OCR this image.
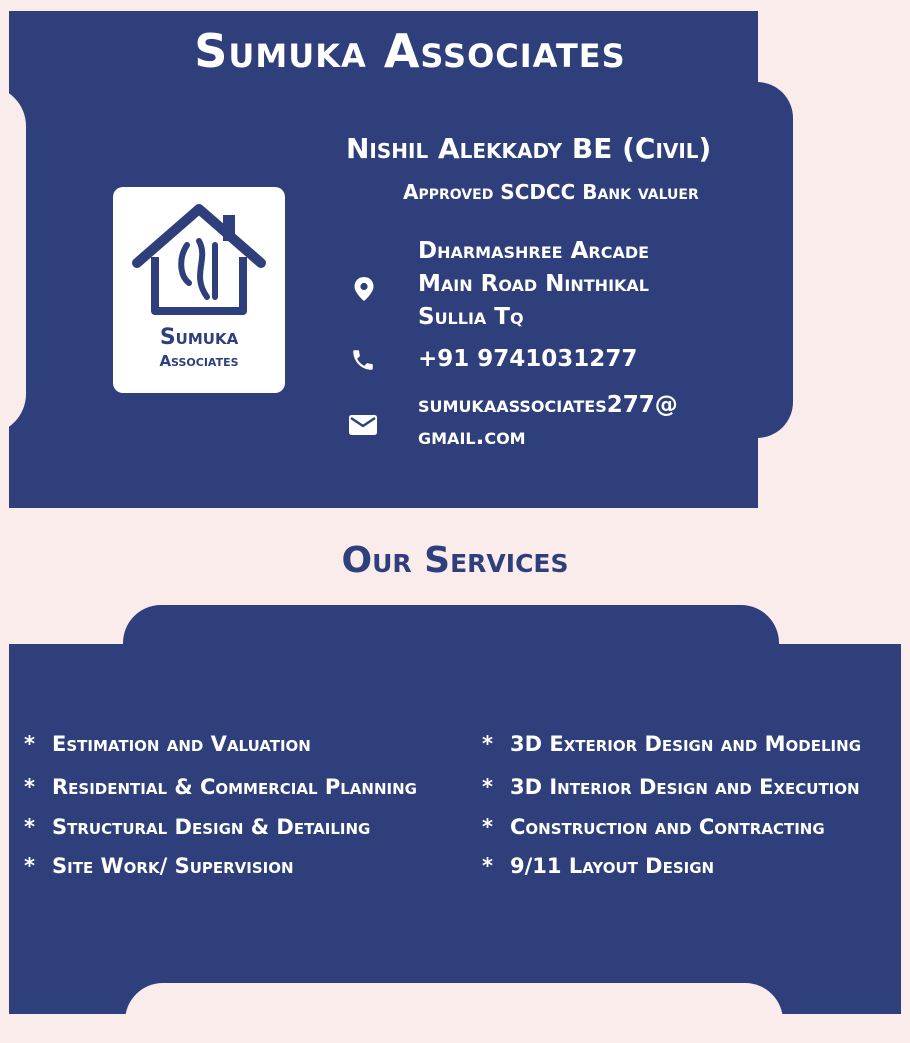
Sumuka Associates
Sumuka
Associates
Nishil Alekkady BE (Civil)
Approved SCDCC Bank valuer
Dharmashree Arcade
Main Road Ninthikal
Sullia Tq
+91 9741031277
sumukaassociates277@
gmail.com
Our Services
* Estimation and Valuation
* Residential & Commercial Planning
* Structural Design & Detailing
* Site Work/ Supervision
* 3D Exterior Design and Modeling
* 3D Interior Design and Execution
* Construction and Contracting
* 9/11 Layout Design
